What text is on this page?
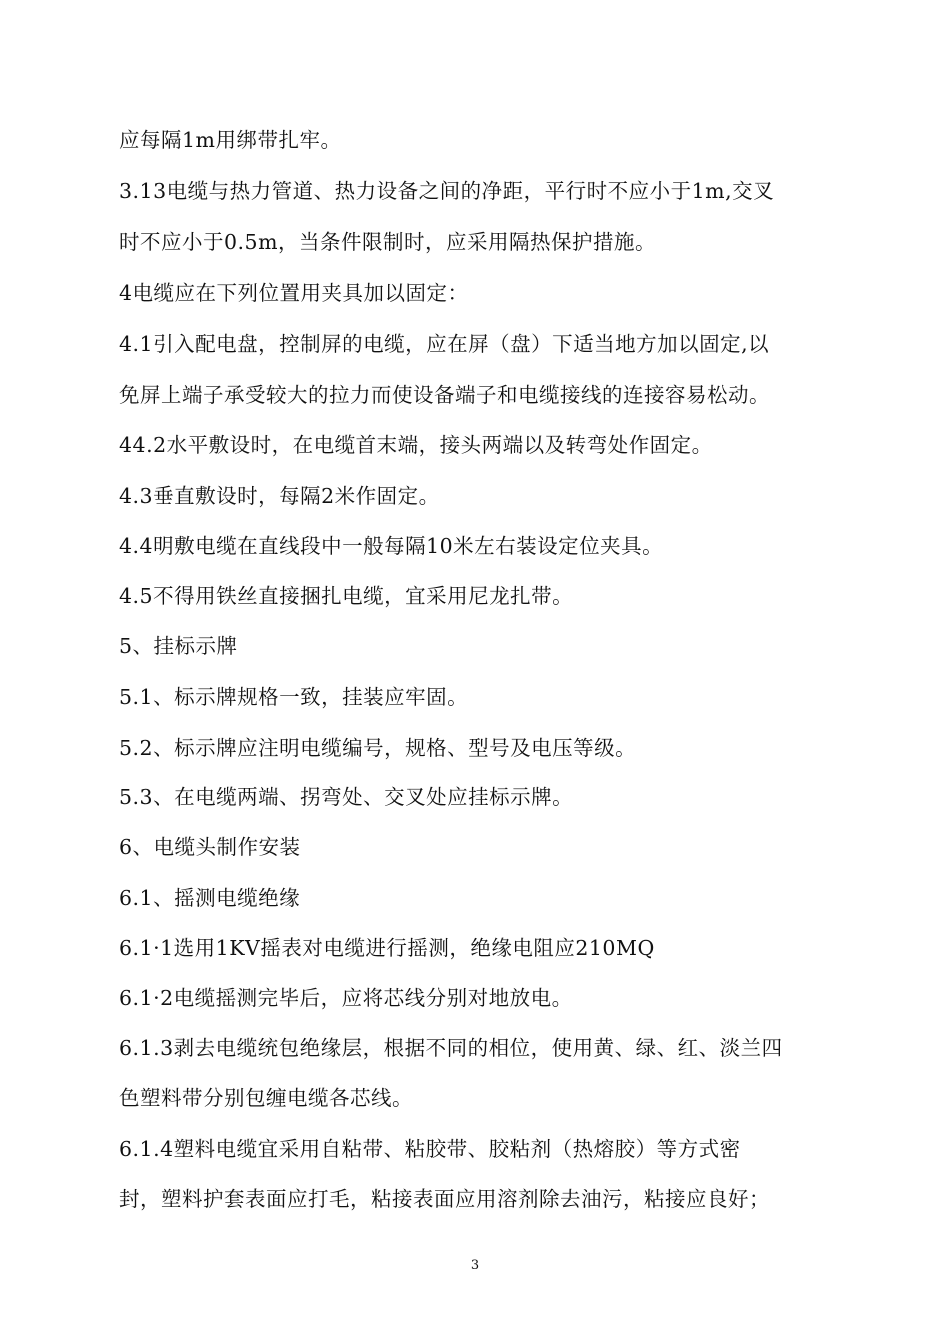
应每隔1m用绑带扎牢。
3.13电缆与热力管道、热力设备之间的净距，平行时不应小于1m,交叉
时不应小于0.5m，当条件限制时，应采用隔热保护措施。
4电缆应在下列位置用夹具加以固定：
4.1引入配电盘，控制屏的电缆，应在屏（盘）下适当地方加以固定,以
免屏上端子承受较大的拉力而使设备端子和电缆接线的连接容易松动。
44.2水平敷设时，在电缆首末端，接头两端以及转弯处作固定。
4.3垂直敷设时，每隔2米作固定。
4.4明敷电缆在直线段中一般每隔10米左右装设定位夹具。
4.5不得用铁丝直接捆扎电缆，宜采用尼龙扎带。
5、挂标示牌
5.1、标示牌规格一致，挂装应牢固。
5.2、标示牌应注明电缆编号，规格、型号及电压等级。
5.3、在电缆两端、拐弯处、交叉处应挂标示牌。
6、电缆头制作安装
6.1、摇测电缆绝缘
6.1·1选用1KV摇表对电缆进行摇测，绝缘电阻应210MQ
6.1·2电缆摇测完毕后，应将芯线分别对地放电。
6.1.3剥去电缆统包绝缘层，根据不同的相位，使用黄、绿、红、淡兰四
色塑料带分别包缠电缆各芯线。
6.1.4塑料电缆宜采用自粘带、粘胶带、胶粘剂（热熔胶）等方式密
封，塑料护套表面应打毛，粘接表面应用溶剂除去油污，粘接应良好；
3
